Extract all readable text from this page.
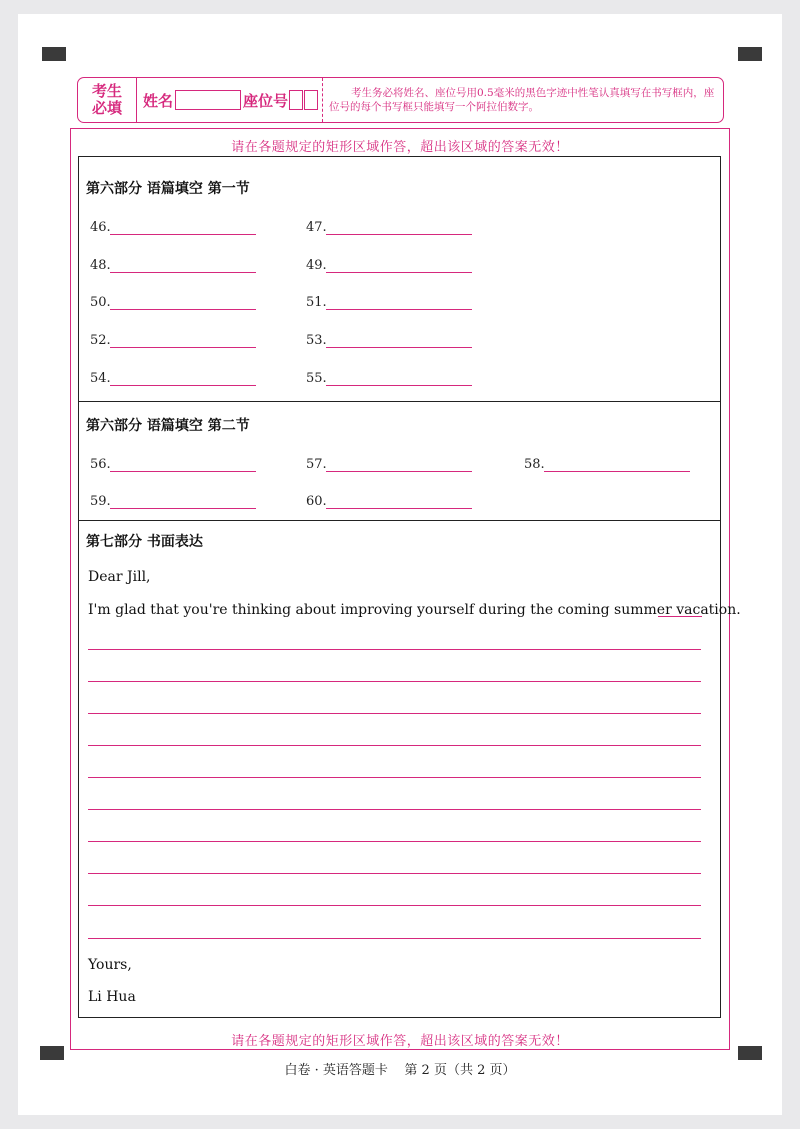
考生
必填 姓名	座位号	考生务必将姓名、座位号用0.5毫米的黑色字迹中性笔认真填写在书写框内，座位号的每个书写框只能填写一个阿拉伯数字。
请在各题规定的矩形区域作答，超出该区域的答案无效！
请在各题规定的矩形区域作答，超出该区域的答案无效！
第六部分 语篇填空 第一节
46.	47.
48.	49.
50.	51.
52.	53.
54.	55.
第六部分 语篇填空 第二节
56.	57.	58.
59.	60.
第七部分 书面表达
Dear Jill,
I'm glad that you're thinking about improving yourself during the coming summer vacation.
Yours,
Li Hua
白卷 · 英语答题卡    第 2 页（共 2 页）
